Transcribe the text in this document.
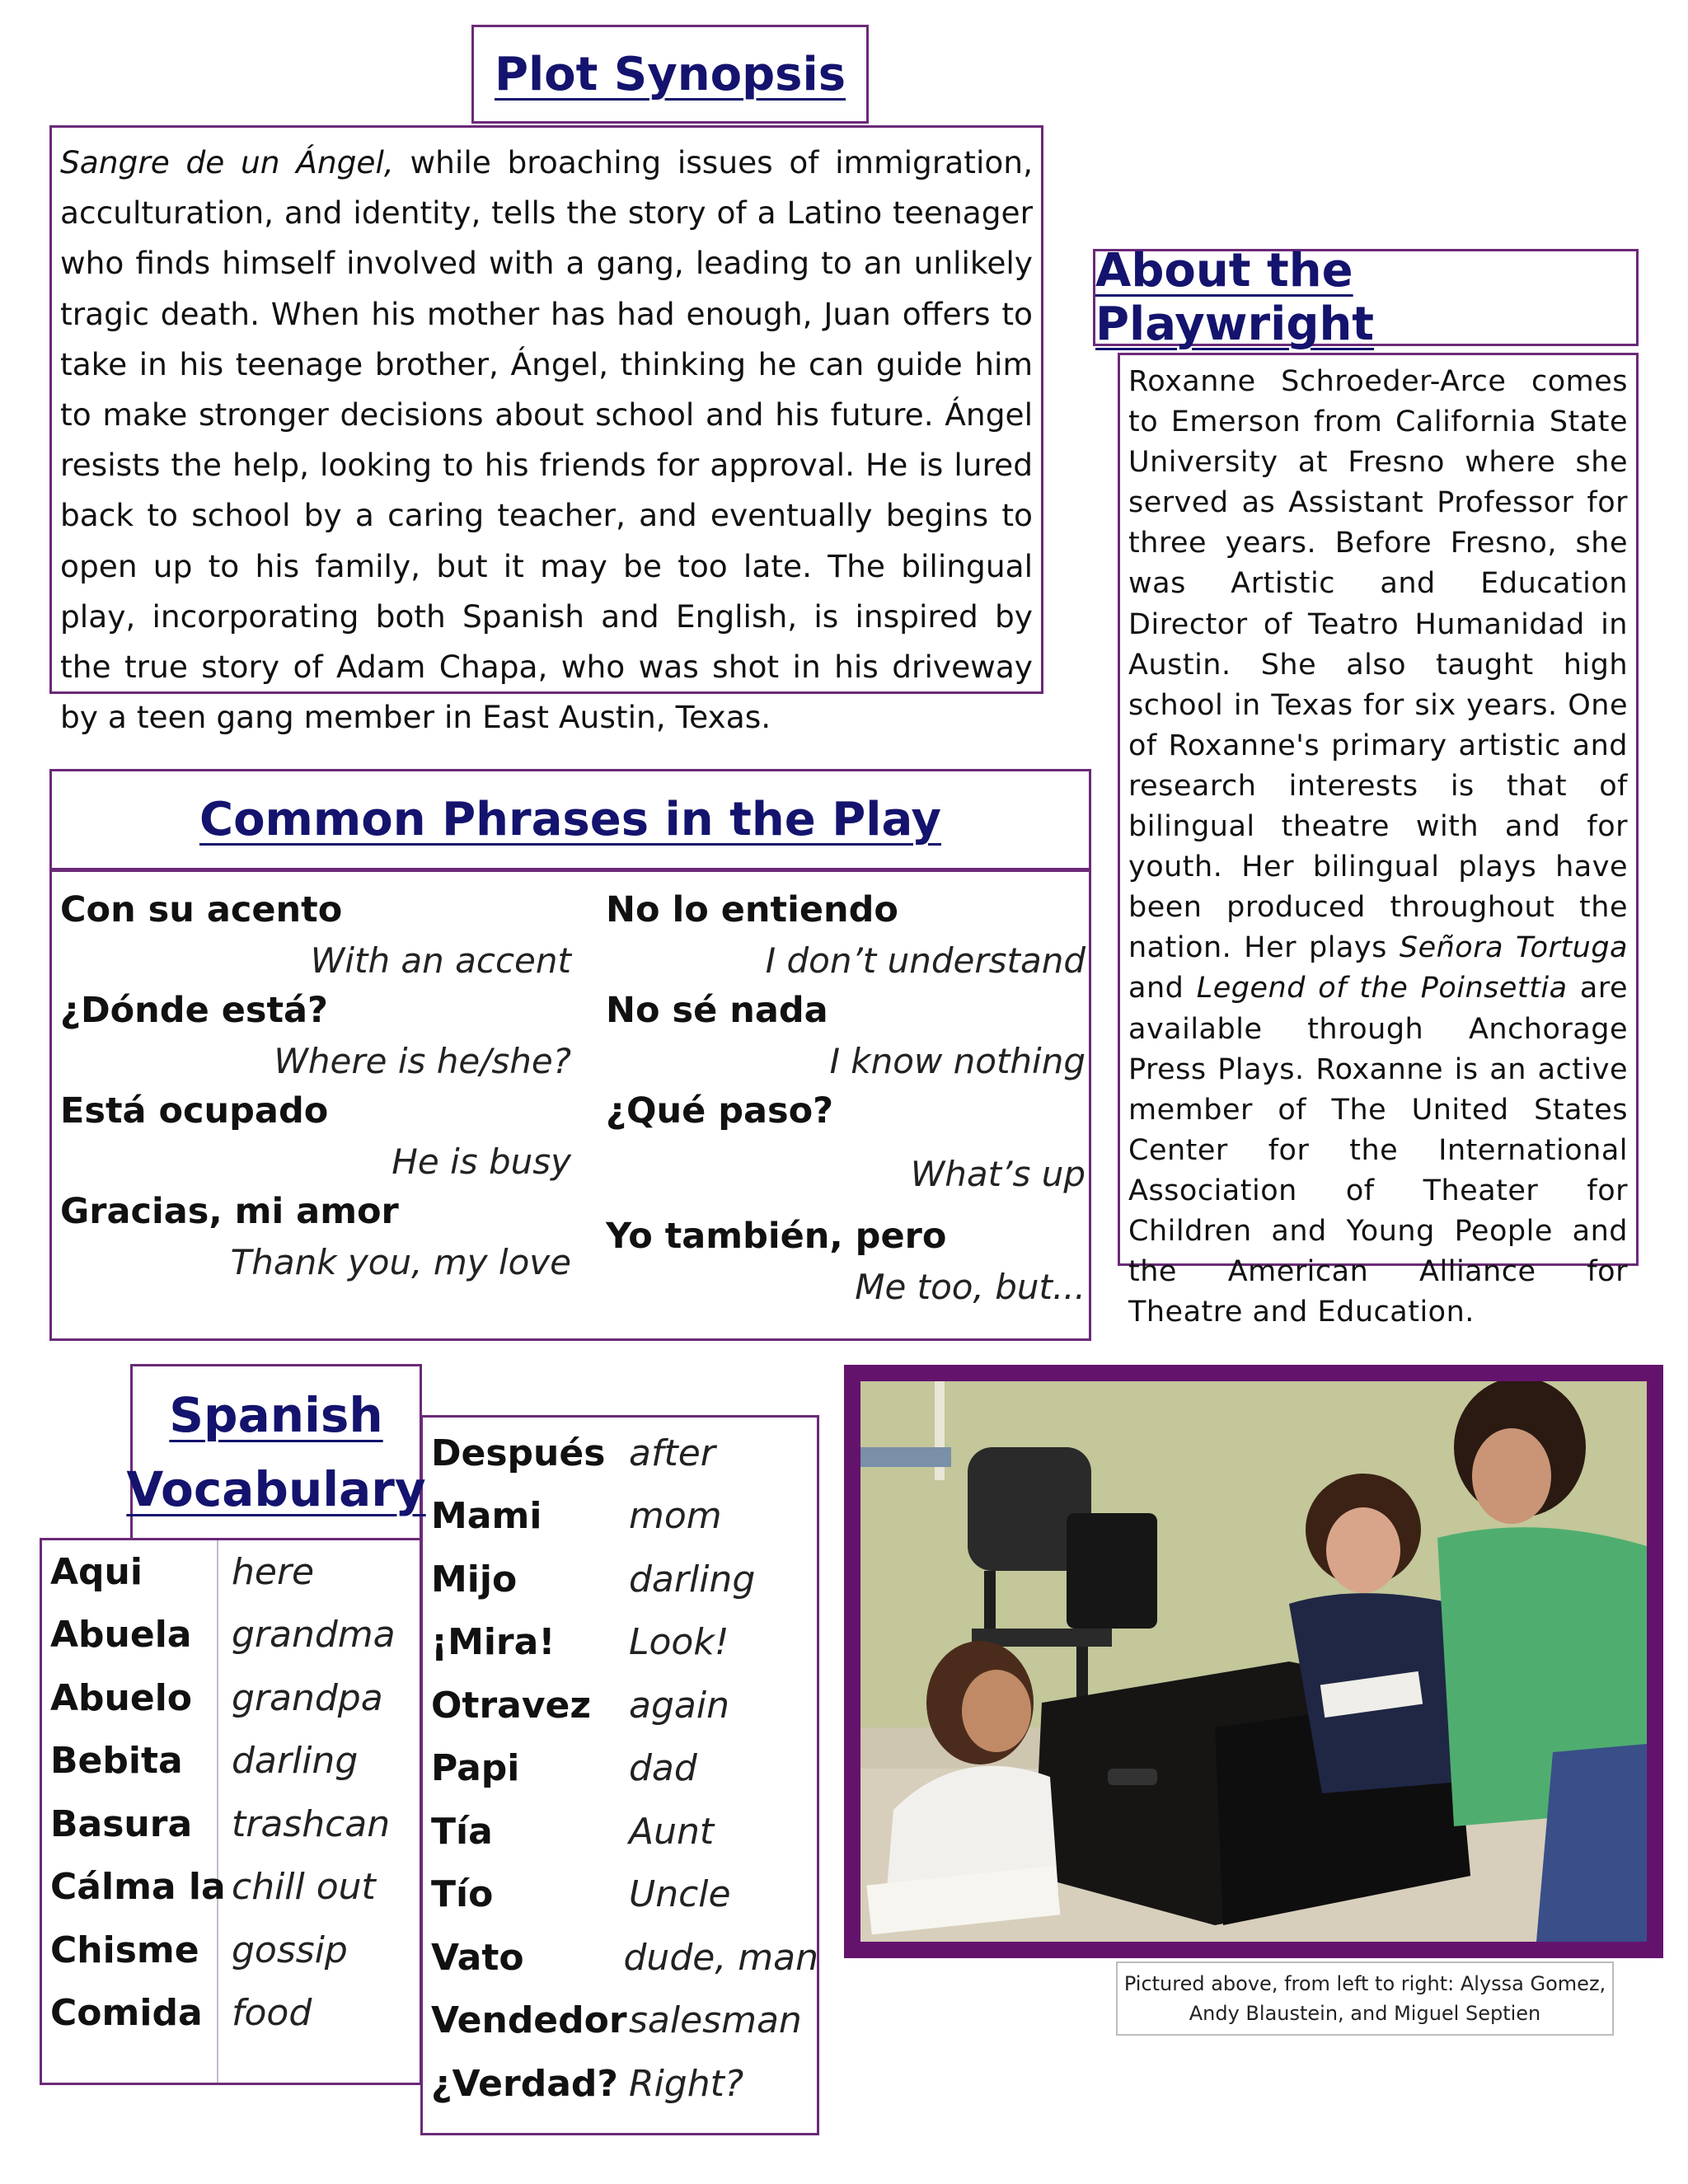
Plot Synopsis

Sangre de un Ángel, while broaching issues of immigration, acculturation, and identity, tells the story of a Latino teenager who finds himself involved with a gang, leading to an unlikely tragic death. When his mother has had enough, Juan offers to take in his teenage brother, Ángel, thinking he can guide him to make stronger decisions about school and his future. Ángel resists the help, looking to his friends for approval. He is lured back to school by a caring teacher, and eventually begins to open up to his family, but it may be too late. The bilingual play, incorporating both Spanish and English, is inspired by the true story of Adam Chapa, who was shot in his driveway by a teen gang member in East Austin, Texas.

About the Playwright

Roxanne Schroeder-Arce comes to Emerson from California State University at Fresno where she served as Assistant Professor for three years. Before Fresno, she was Artistic and Education Director of Teatro Humanidad in Austin. She also taught high school in Texas for six years. One of Roxanne's primary artistic and research interests is that of bilingual theatre with and for youth. Her bilingual plays have been produced throughout the nation. Her plays Señora Tortuga and Legend of the Poinsettia are available through Anchorage Press Plays. Roxanne is an active member of The United States Center for the International Association of Theater for Children and Young People and the American Alliance for Theatre and Education.

Common Phrases in the Play
Con su acento
With an accent
¿Dónde está?
Where is he/she?
Está ocupado
He is busy
Gracias, mi amor
Thank you, my love
No lo entiendo
I don’t understand
No sé nada
I know nothing
¿Qué paso?
What’s up
Yo también, pero
Me too, but...
Después after
Mami	mom
Mijo	darling
¡Mira!	Look!
Otravez	again
Papi	dad
Tía	Aunt
Tío	Uncle
Vato	dude, man
Vendedor salesman
¿Verdad? Right?
Aqui	here
Abuela	grandma
Abuelo	grandpa
Bebita	darling
Basura	trashcan
Cálma la chill out
Chisme gossip
Comida food
Spanish
Vocabulary

Pictured above, from left to right: Alyssa Gomez,
Andy Blaustein, and Miguel Septien
